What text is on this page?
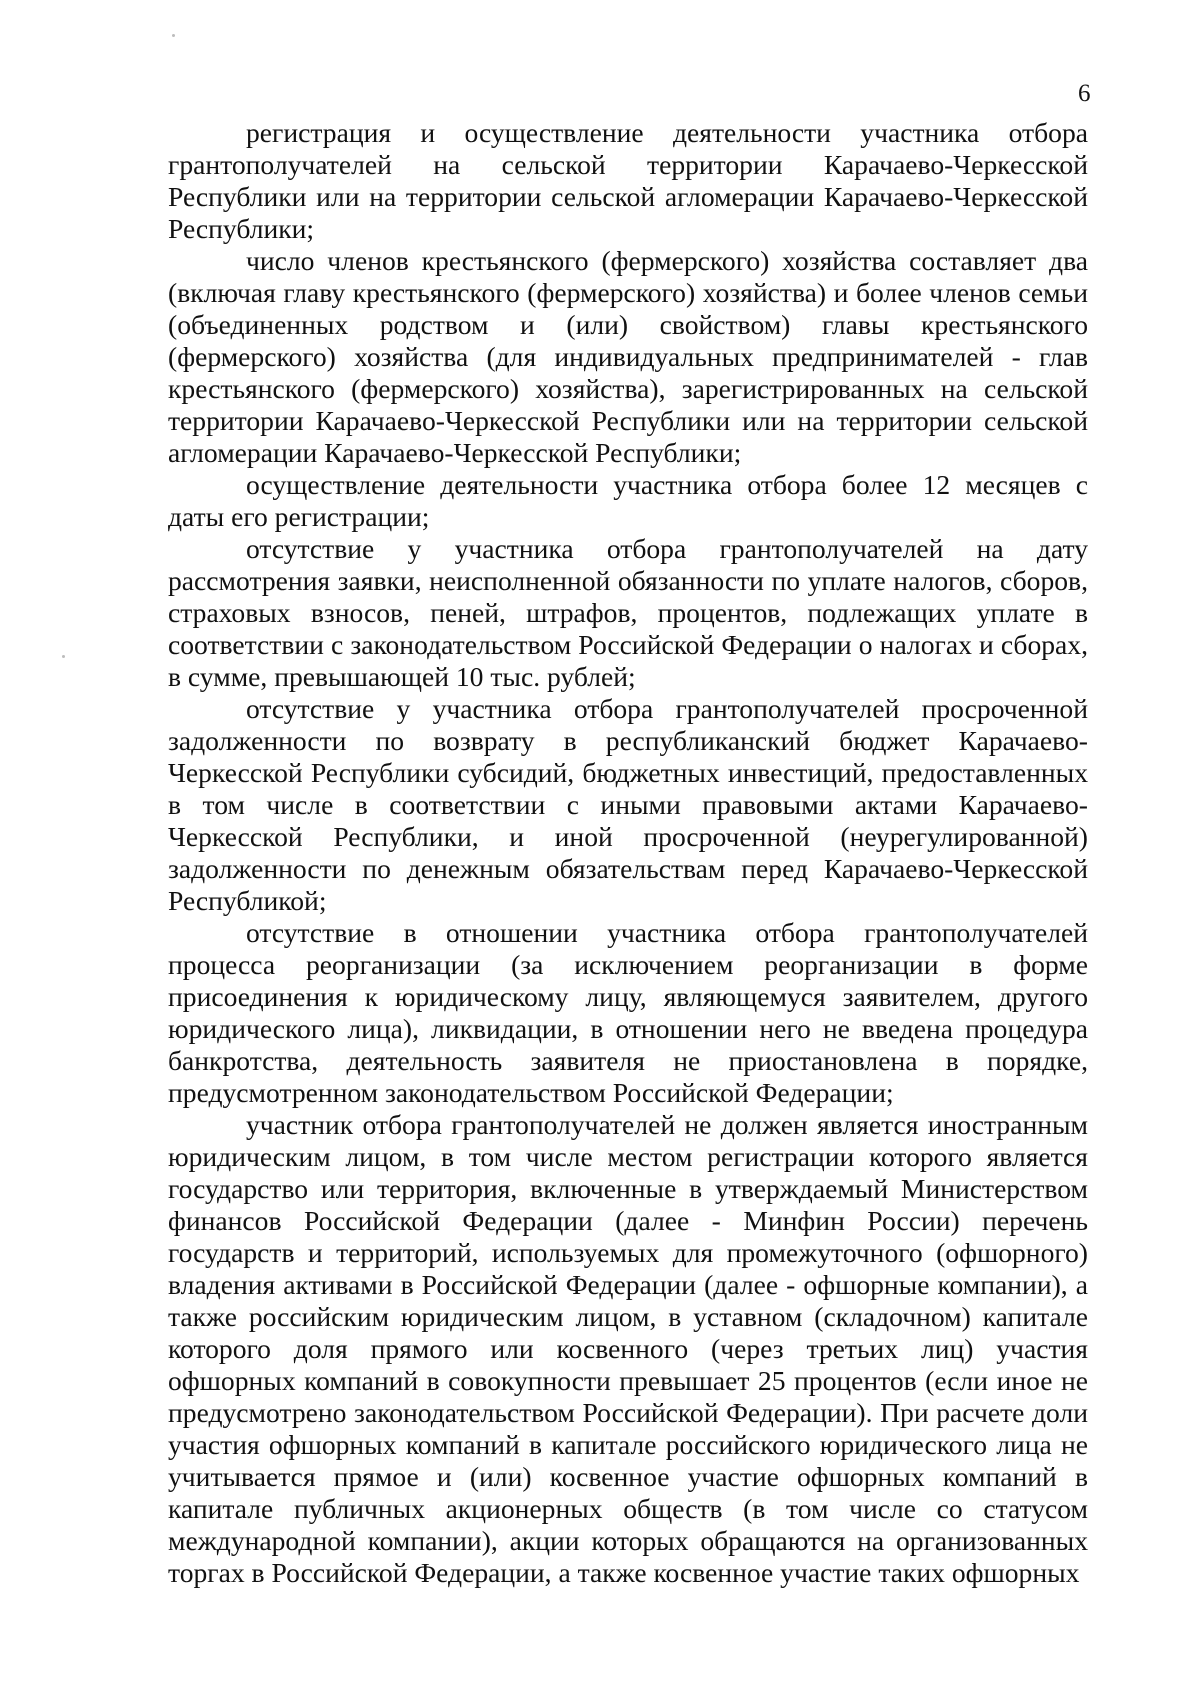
6

регистрация и осуществление деятельности участника отбора грантополучателей на сельской территории Карачаево-Черкесской Республики или на территории сельской агломерации Карачаево-Черкесской Республики;

число членов крестьянского (фермерского) хозяйства составляет два (включая главу крестьянского (фермерского) хозяйства) и более членов семьи (объединенных родством и (или) свойством) главы крестьянского (фермерского) хозяйства (для индивидуальных предпринимателей - глав крестьянского (фермерского) хозяйства), зарегистрированных на сельской территории Карачаево-Черкесской Республики или на территории сельской агломерации Карачаево-Черкесской Республики;

осуществление деятельности участника отбора более 12 месяцев с даты его регистрации;

отсутствие у участника отбора грантополучателей на дату рассмотрения заявки, неисполненной обязанности по уплате налогов, сборов, страховых взносов, пеней, штрафов, процентов, подлежащих уплате в соответствии с законодательством Российской Федерации о налогах и сборах, в сумме, превышающей 10 тыс. рублей;

отсутствие у участника отбора грантополучателей просроченной задолженности по возврату в республиканский бюджет Карачаево-Черкесской Республики субсидий, бюджетных инвестиций, предоставленных в том числе в соответствии с иными правовыми актами Карачаево-Черкесской Республики, и иной просроченной (неурегулированной) задолженности по денежным обязательствам перед Карачаево-Черкесской Республикой;

отсутствие в отношении участника отбора грантополучателей процесса реорганизации (за исключением реорганизации в форме присоединения к юридическому лицу, являющемуся заявителем, другого юридического лица), ликвидации, в отношении него не введена процедура банкротства, деятельность заявителя не приостановлена в порядке, предусмотренном законодательством Российской Федерации;

участник отбора грантополучателей не должен является иностранным юридическим лицом, в том числе местом регистрации которого является государство или территория, включенные в утверждаемый Министерством финансов Российской Федерации (далее - Минфин России) перечень государств и территорий, используемых для промежуточного (офшорного) владения активами в Российской Федерации (далее - офшорные компании), а также российским юридическим лицом, в уставном (складочном) капитале которого доля прямого или косвенного (через третьих лиц) участия офшорных компаний в совокупности превышает 25 процентов (если иное не предусмотрено законодательством Российской Федерации). При расчете доли участия офшорных компаний в капитале российского юридического лица не учитывается прямое и (или) косвенное участие офшорных компаний в капитале публичных акционерных обществ (в том числе со статусом международной компании), акции которых обращаются на организованных торгах в Российской Федерации, а также косвенное участие таких офшорных
